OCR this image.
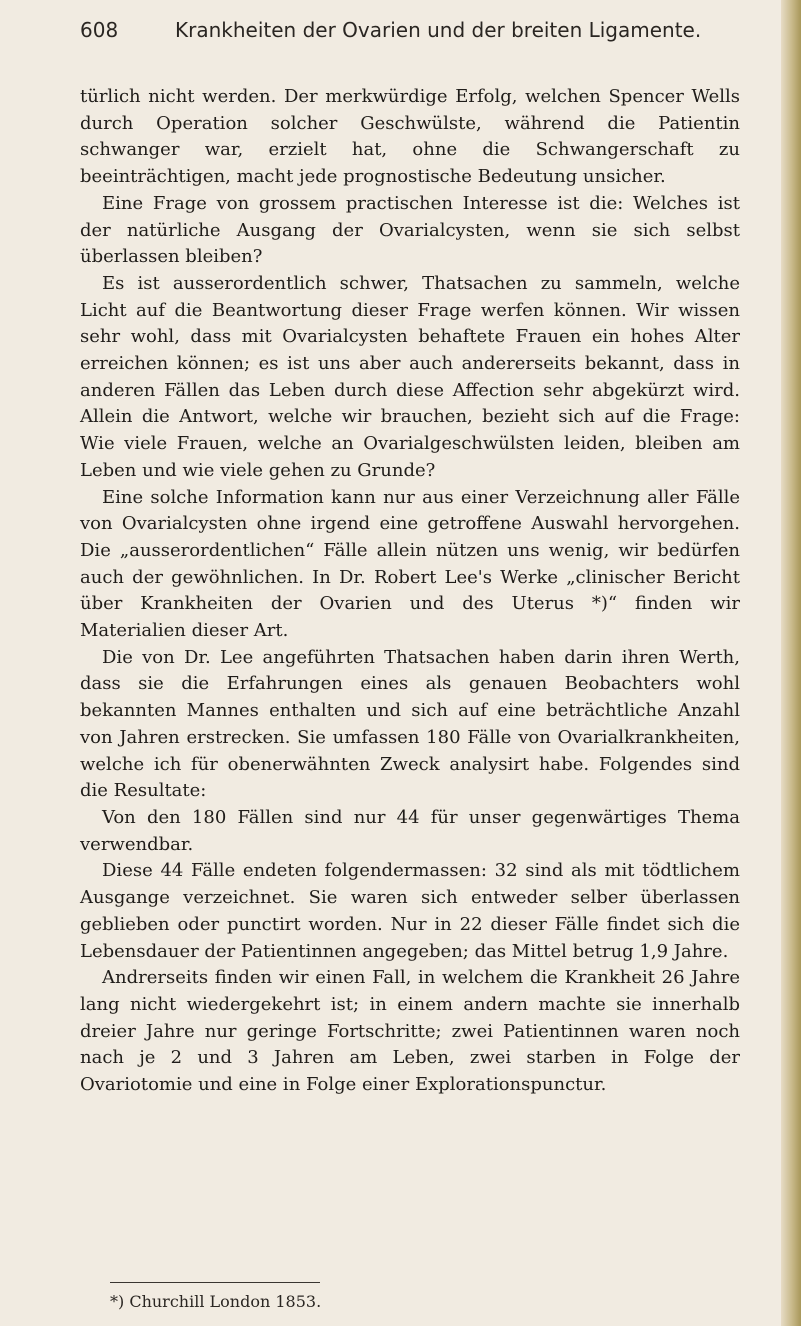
608	Krankheiten der Ovarien und der breiten Ligamente.

türlich nicht werden. Der merkwürdige Erfolg, welchen Spencer Wells durch Operation solcher Geschwülste, während die Patientin schwanger war, erzielt hat, ohne die Schwangerschaft zu beeinträchtigen, macht jede prognostische Bedeutung unsicher.

Eine Frage von grossem practischen Interesse ist die: Welches ist der natürliche Ausgang der Ovarialcysten, wenn sie sich selbst überlassen bleiben?

Es ist ausserordentlich schwer, Thatsachen zu sammeln, welche Licht auf die Beantwortung dieser Frage werfen können. Wir wissen sehr wohl, dass mit Ovarialcysten behaftete Frauen ein hohes Alter erreichen können; es ist uns aber auch andererseits bekannt, dass in anderen Fällen das Leben durch diese Affection sehr abgekürzt wird. Allein die Antwort, welche wir brauchen, bezieht sich auf die Frage: Wie viele Frauen, welche an Ovarialgeschwülsten leiden, bleiben am Leben und wie viele gehen zu Grunde?

Eine solche Information kann nur aus einer Verzeichnung aller Fälle von Ovarialcysten ohne irgend eine getroffene Auswahl hervorgehen. Die „ausserordentlichen“ Fälle allein nützen uns wenig, wir bedürfen auch der gewöhnlichen. In Dr. Robert Lee's Werke „clinischer Bericht über Krankheiten der Ovarien und des Uterus *)“ finden wir Materialien dieser Art.

Die von Dr. Lee angeführten Thatsachen haben darin ihren Werth, dass sie die Erfahrungen eines als genauen Beobachters wohl bekannten Mannes enthalten und sich auf eine beträchtliche Anzahl von Jahren erstrecken. Sie umfassen 180 Fälle von Ovarialkrankheiten, welche ich für obenerwähnten Zweck analysirt habe. Folgendes sind die Resultate:

Von den 180 Fällen sind nur 44 für unser gegenwärtiges Thema verwendbar.

Diese 44 Fälle endeten folgendermassen: 32 sind als mit tödtlichem Ausgange verzeichnet. Sie waren sich entweder selber überlassen geblieben oder punctirt worden. Nur in 22 dieser Fälle findet sich die Lebensdauer der Patientinnen angegeben; das Mittel betrug 1,9 Jahre.

Andrerseits finden wir einen Fall, in welchem die Krankheit 26 Jahre lang nicht wiedergekehrt ist; in einem andern machte sie innerhalb dreier Jahre nur geringe Fortschritte; zwei Patientinnen waren noch nach je 2 und 3 Jahren am Leben, zwei starben in Folge der Ovariotomie und eine in Folge einer Explorationspunctur.

*) Churchill London 1853.
